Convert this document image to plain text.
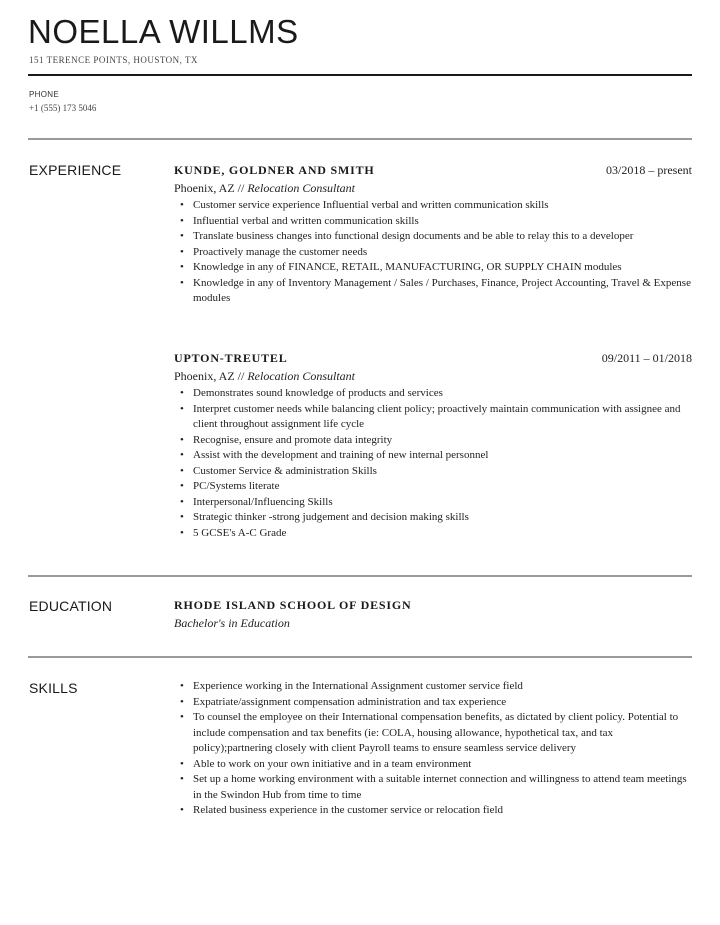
NOELLA WILLMS
151 TERENCE POINTS, HOUSTON, TX
PHONE
+1 (555) 173 5046
EXPERIENCE	KUNDE, GOLDNER AND SMITH	03/2018 – present
Phoenix, AZ // Relocation Consultant
• Customer service experience Influential verbal and written communication skills
• Influential verbal and written communication skills
• Translate business changes into functional design documents and be able to relay this to a developer
• Proactively manage the customer needs
• Knowledge in any of FINANCE, RETAIL, MANUFACTURING, OR SUPPLY CHAIN modules
• Knowledge in any of Inventory Management / Sales / Purchases, Finance, Project Accounting, Travel & Expense modules
UPTON-TREUTEL	09/2011 – 01/2018
Phoenix, AZ // Relocation Consultant
• Demonstrates sound knowledge of products and services
• Interpret customer needs while balancing client policy; proactively maintain communication with assignee and client throughout assignment life cycle
• Recognise, ensure and promote data integrity
• Assist with the development and training of new internal personnel
• Customer Service & administration Skills
• PC/Systems literate
• Interpersonal/Influencing Skills
• Strategic thinker -strong judgement and decision making skills
• 5 GCSE's A-C Grade
EDUCATION	RHODE ISLAND SCHOOL OF DESIGN
Bachelor's in Education
SKILLS	• Experience working in the International Assignment customer service field
• Expatriate/assignment compensation administration and tax experience
• To counsel the employee on their International compensation benefits, as dictated by client policy. Potential to include compensation and tax benefits (ie: COLA, housing allowance, hypothetical tax, and tax policy);partnering closely with client Payroll teams to ensure seamless service delivery
• Able to work on your own initiative and in a team environment
• Set up a home working environment with a suitable internet connection and willingness to attend team meetings in the Swindon Hub from time to time
• Related business experience in the customer service or relocation field
